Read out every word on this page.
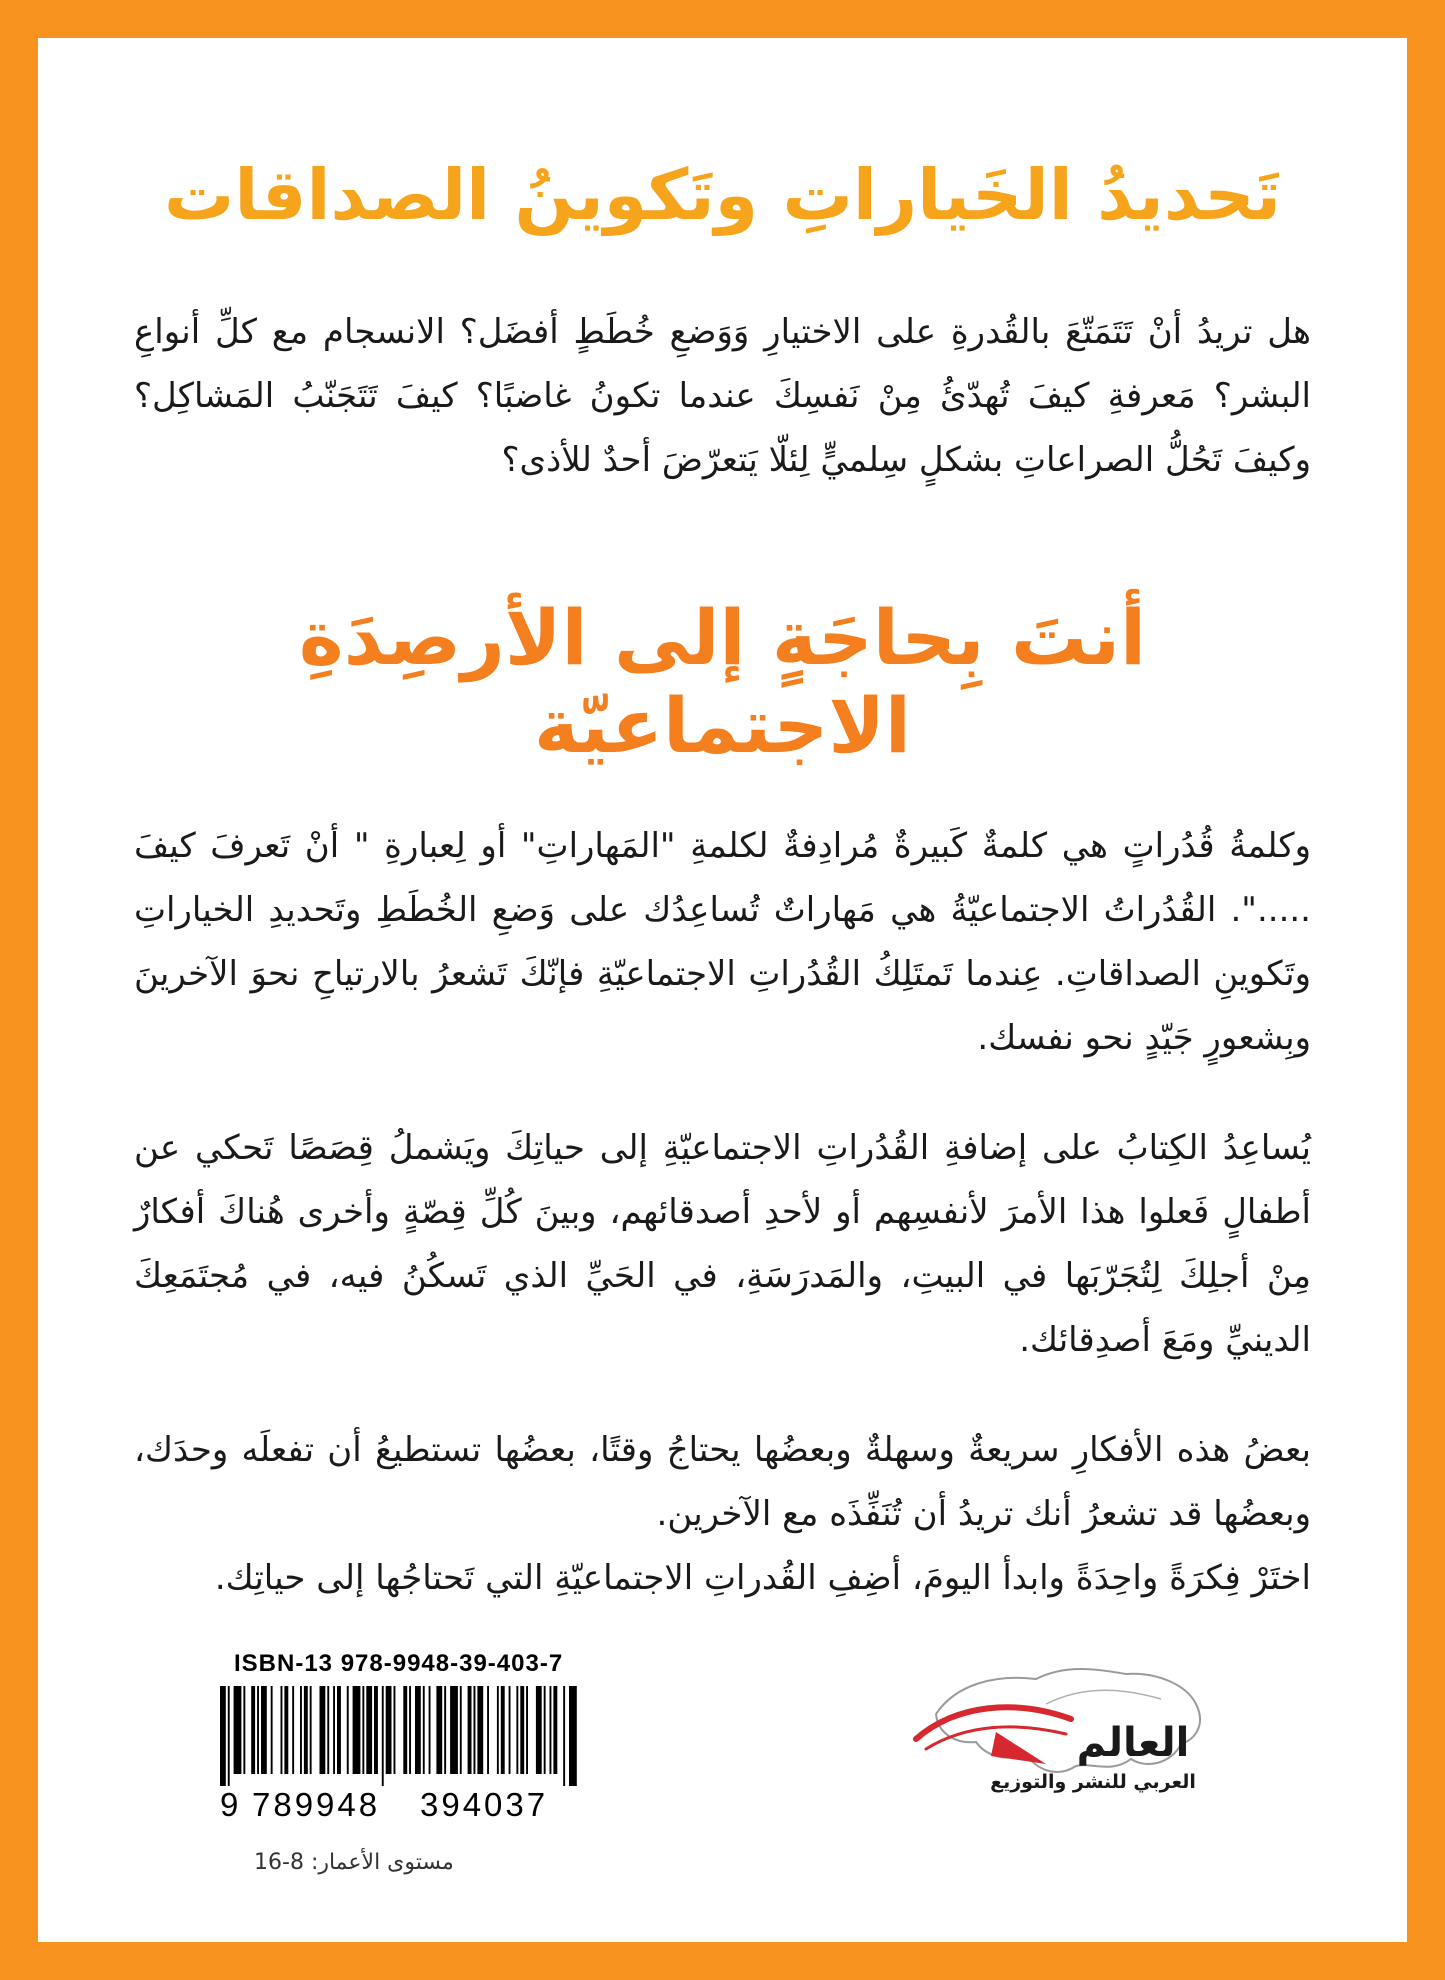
تَحديدُ الخَياراتِ وتَكوينُ الصداقات
هل تريدُ أنْ تَتَمَتّعَ بالقُدرةِ على الاختيارِ وَوَضعِ خُطَطٍ أفضَل؟ الانسجام مع كلِّ أنواعِ البشر؟ مَعرفةِ كيفَ تُهدّئُ مِنْ نَفسِكَ عندما تكونُ غاضبًا؟ كيفَ تَتَجَنّبُ المَشاكِل؟ وكيفَ تَحُلُّ الصراعاتِ بشكلٍ سِلميٍّ لِئلّا يَتعرّضَ أحدٌ للأذى؟
أنتَ بِحاجَةٍ إلى الأرصِدَةِ الاجتماعيّة
وكلمةُ قُدُراتٍ هي كلمةٌ كَبيرةٌ مُرادِفةٌ لكلمةِ "المَهاراتِ" أو لِعبارةِ " أنْ تَعرفَ كيفَ .....". القُدُراتُ الاجتماعيّةُ هي مَهاراتٌ تُساعِدُك على وَضعِ الخُطَطِ وتَحديدِ الخياراتِ وتَكوينِ الصداقاتِ. عِندما تَمتَلِكُ القُدُراتِ الاجتماعيّةِ فإنّكَ تَشعرُ بالارتياحِ نحوَ الآخرينَ وبِشعورٍ جَيّدٍ نحو نفسك.
يُساعِدُ الكِتابُ على إضافةِ القُدُراتِ الاجتماعيّةِ إلى حياتِكَ ويَشملُ قِصَصًا تَحكي عن أطفالٍ فَعلوا هذا الأمرَ لأنفسِهم أو لأحدِ أصدقائهم، وبينَ كُلِّ قِصّةٍ وأخرى هُناكَ أفكارٌ مِنْ أجلِكَ لِتُجَرّبَها في البيتِ، والمَدرَسَةِ، في الحَيِّ الذي تَسكُنُ فيه، في مُجتَمَعِكَ الدينيِّ ومَعَ أصدِقائك.
بعضُ هذه الأفكارِ سريعةٌ وسهلةٌ وبعضُها يحتاجُ وقتًا، بعضُها تستطيعُ أن تفعلَه وحدَك، وبعضُها قد تشعرُ أنك تريدُ أن تُنَفِّذَه مع الآخرين.
اختَرْ فِكرَةً واحِدَةً وابدأ اليومَ، أضِفِ القُدراتِ الاجتماعيّةِ التي تَحتاجُها إلى حياتِك.
ISBN-13 978-9948-39-403-7
9 789948 394037
مستوى الأعمار: 8-16
العالم
العربي للنشر والتوزيع
